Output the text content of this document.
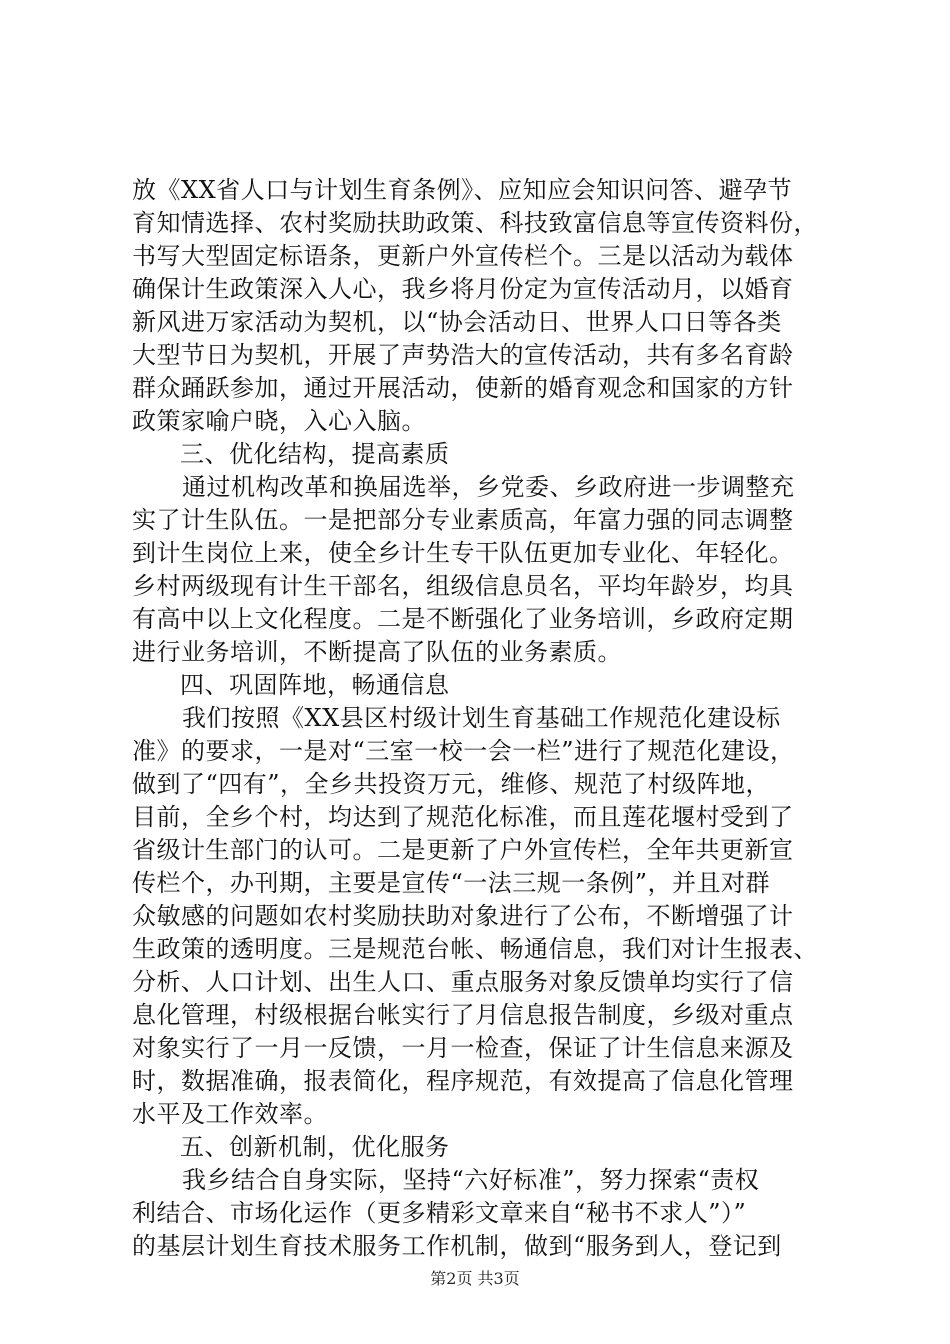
放《XX省人口与计划生育条例》、应知应会知识问答、避孕节
育知情选择、农村奖励扶助政策、科技致富信息等宣传资料份，
书写大型固定标语条，更新户外宣传栏个。三是以活动为载体
确保计生政策深入人心，我乡将月份定为宣传活动月，以婚育
新风进万家活动为契机，以“协会活动日、世界人口日等各类
大型节日为契机，开展了声势浩大的宣传活动，共有多名育龄
群众踊跃参加，通过开展活动，使新的婚育观念和国家的方针
政策家喻户晓，入心入脑。
三、优化结构，提高素质
通过机构改革和换届选举，乡党委、乡政府进一步调整充
实了计生队伍。一是把部分专业素质高，年富力强的同志调整
到计生岗位上来，使全乡计生专干队伍更加专业化、年轻化。
乡村两级现有计生干部名，组级信息员名，平均年龄岁，均具
有高中以上文化程度。二是不断强化了业务培训，乡政府定期
进行业务培训，不断提高了队伍的业务素质。
四、巩固阵地，畅通信息
我们按照《XX县区村级计划生育基础工作规范化建设标
准》的要求，一是对“三室一校一会一栏”进行了规范化建设，
做到了“四有”，全乡共投资万元，维修、规范了村级阵地，
目前，全乡个村，均达到了规范化标准，而且莲花堰村受到了
省级计生部门的认可。二是更新了户外宣传栏，全年共更新宣
传栏个，办刊期，主要是宣传“一法三规一条例”，并且对群
众敏感的问题如农村奖励扶助对象进行了公布，不断增强了计
生政策的透明度。三是规范台帐、畅通信息，我们对计生报表、
分析、人口计划、出生人口、重点服务对象反馈单均实行了信
息化管理，村级根据台帐实行了月信息报告制度，乡级对重点
对象实行了一月一反馈，一月一检查，保证了计生信息来源及
时，数据准确，报表简化，程序规范，有效提高了信息化管理
水平及工作效率。
五、创新机制，优化服务
我乡结合自身实际，坚持“六好标准”，努力探索“责权
利结合、市场化运作（更多精彩文章来自“秘书不求人”）”
的基层计划生育技术服务工作机制，做到“服务到人，登记到
第2页 共3页
